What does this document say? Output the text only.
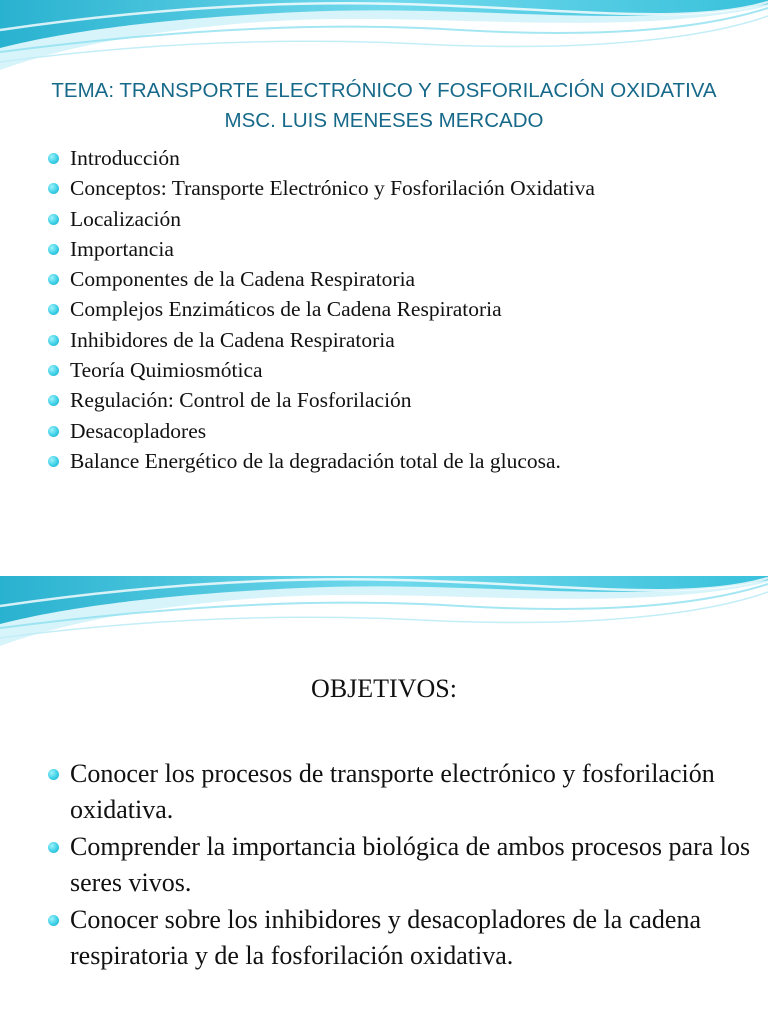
TEMA: TRANSPORTE ELECTRÓNICO Y FOSFORILACIÓN OXIDATIVA
MSC. LUIS MENESES MERCADO
Introducción
Conceptos: Transporte Electrónico y Fosforilación Oxidativa
Localización
Importancia
Componentes de la Cadena Respiratoria
Complejos Enzimáticos de la Cadena Respiratoria
Inhibidores de la Cadena Respiratoria
Teoría Quimiosmótica
Regulación: Control de la Fosforilación
Desacopladores
Balance Energético de la degradación total de la glucosa.
OBJETIVOS:
Conocer los procesos de transporte electrónico y fosforilación oxidativa.
Comprender la importancia biológica de ambos procesos para los seres vivos.
Conocer sobre los inhibidores y desacopladores de la cadena respiratoria y de la fosforilación oxidativa.
